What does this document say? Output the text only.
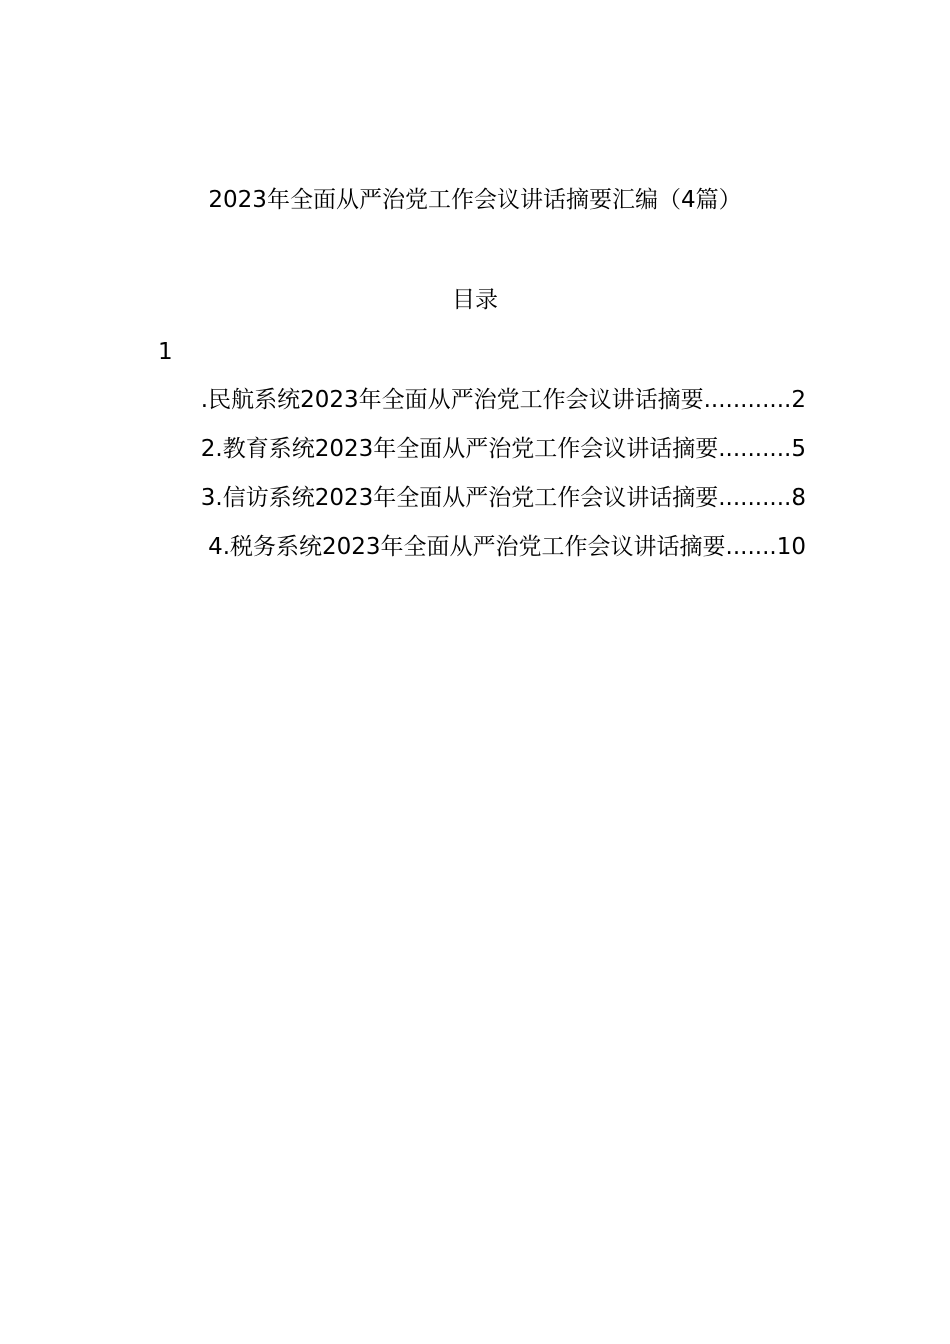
2023年全面从严治党工作会议讲话摘要汇编（4篇）
目录
1
.民航系统2023年全面从严治党工作会议讲话摘要............2
2.教育系统2023年全面从严治党工作会议讲话摘要..........5
3.信访系统2023年全面从严治党工作会议讲话摘要..........8
4.税务系统2023年全面从严治党工作会议讲话摘要.......10
